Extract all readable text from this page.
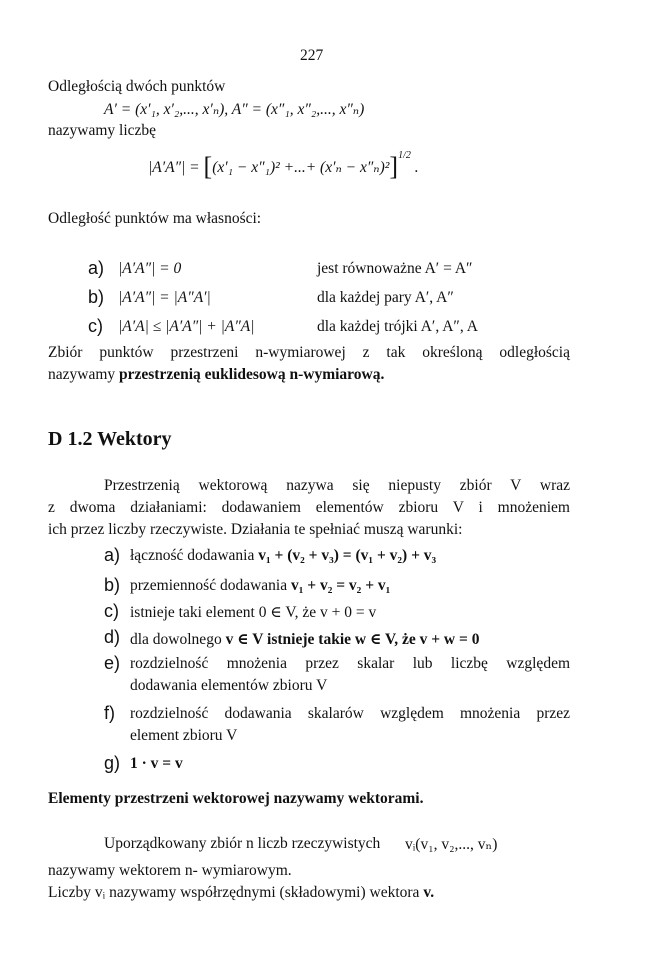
227
Odległością dwóch punktów
A′ = (x′₁, x′₂,..., x′ₙ), A″ = (x″₁, x″₂,..., x″ₙ)
nazywamy liczbę
|A′A″| = [(x′₁ − x″₁)² +...+ (x′ₙ − x″ₙ)²]$^{1/2}$ .
Odległość punktów ma własności:
a) |A′A″| = 0	jest równoważne A′ = A″
b) |A′A″| = |A″A′|	dla każdej pary A′, A″
c) |A′A| ≤ |A′A″| + |A″A|	dla każdej trójki A′, A″, A
Zbiór punktów przestrzeni n-wymiarowej z tak określoną odległością
nazywamy przestrzenią euklidesową n-wymiarową.
D 1.2 Wektory
Przestrzenią wektorową nazywa się niepusty zbiór V wraz
z dwoma działaniami: dodawaniem elementów zbioru V i mnożeniem
ich przez liczby rzeczywiste. Działania te spełniać muszą warunki:
a) łączność dodawania v₁ + (v₂ + v₃) = (v₁ + v₂) + v₃
b) przemienność dodawania v₁ + v₂ = v₂ + v₁
c) istnieje taki element 0 ∈ V, że v + 0 = v
d) dla dowolnego v ∈ V istnieje takie w ∈ V, że v + w = 0
e) rozdzielność mnożenia przez skalar lub liczbę względem
dodawania elementów zbioru V
f) rozdzielność dodawania skalarów względem mnożenia przez
element zbioru V
g) 1 · v = v
Elementy przestrzeni wektorowej nazywamy wektorami.
Uporządkowany zbiór n liczb rzeczywistych vᵢ(v₁, v₂,..., vₙ)
nazywamy wektorem n- wymiarowym.
Liczby vᵢ nazywamy współrzędnymi (składowymi) wektora v.
